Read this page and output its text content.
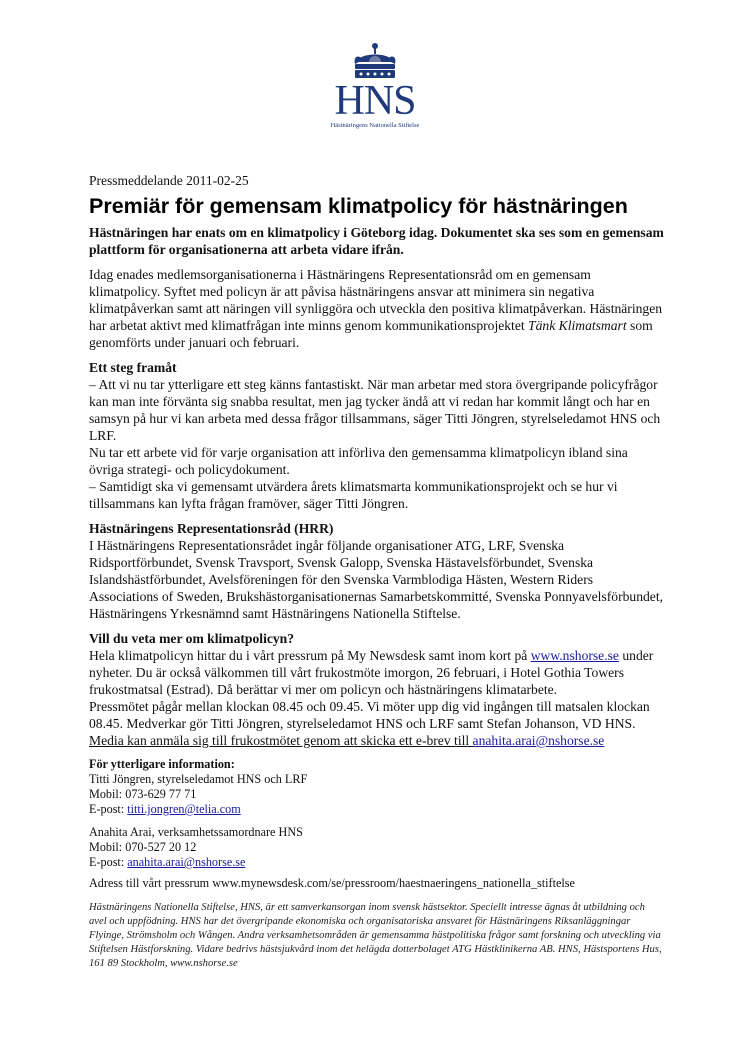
HNS
Hästnäringens Nationella Stiftelse

Pressmeddelande 2011-02-25

Premiär för gemensam klimatpolicy för hästnäringen

Hästnäringen har enats om en klimatpolicy i Göteborg idag. Dokumentet ska ses som en gemensam plattform för organisationerna att arbeta vidare ifrån.

Idag enades medlemsorganisationerna i Hästnäringens Representationsråd om en gemensam klimatpolicy. Syftet med policyn är att påvisa hästnäringens ansvar att minimera sin negativa klimatpåverkan samt att näringen vill synliggöra och utveckla den positiva klimatpåverkan. Hästnäringen har arbetat aktivt med klimatfrågan inte minns genom kommunikationsprojektet Tänk Klimatsmart som genomförts under januari och februari.

Ett steg framåt

– Att vi nu tar ytterligare ett steg känns fantastiskt. När man arbetar med stora övergripande policyfrågor kan man inte förvänta sig snabba resultat, men jag tycker ändå att vi redan har kommit långt och har en samsyn på hur vi kan arbeta med dessa frågor tillsammans, säger Titti Jöngren, styrelseledamot HNS och LRF.

Nu tar ett arbete vid för varje organisation att införliva den gemensamma klimatpolicyn ibland sina övriga strategi- och policydokument.

– Samtidigt ska vi gemensamt utvärdera årets klimatsmarta kommunikationsprojekt och se hur vi tillsammans kan lyfta frågan framöver, säger Titti Jöngren.

Hästnäringens Representationsråd (HRR)

I Hästnäringens Representationsrådet ingår följande organisationer ATG, LRF, Svenska Ridsportförbundet, Svensk Travsport, Svensk Galopp, Svenska Hästavelsförbundet, Svenska Islandshästförbundet, Avelsföreningen för den Svenska Varmblodiga Hästen, Western Riders Associations of Sweden, Brukshästorganisationernas Samarbetskommitté, Svenska Ponnyavelsförbundet, Hästnäringens Yrkesnämnd samt Hästnäringens Nationella Stiftelse.

Vill du veta mer om klimatpolicyn?

Hela klimatpolicyn hittar du i vårt pressrum på My Newsdesk samt inom kort på www.nshorse.se under nyheter. Du är också välkommen till vårt frukostmöte imorgon, 26 februari, i Hotel Gothia Towers frukostmatsal (Estrad). Då berättar vi mer om policyn och hästnäringens klimatarbete.

Pressmötet pågår mellan klockan 08.45 och 09.45. Vi möter upp dig vid ingången till matsalen klockan 08.45. Medverkar gör Titti Jöngren, styrelseledamot HNS och LRF samt Stefan Johanson, VD HNS.

Media kan anmäla sig till frukostmötet genom att skicka ett e-brev till anahita.arai@nshorse.se

För ytterligare information:

Titti Jöngren, styrelseledamot HNS och LRF

Mobil: 073-629 77 71

E-post: titti.jongren@telia.com

Anahita Arai, verksamhetssamordnare HNS

Mobil: 070-527 20 12

E-post: anahita.arai@nshorse.se

Adress till vårt pressrum www.mynewsdesk.com/se/pressroom/haestnaeringens_nationella_stiftelse

Hästnäringens Nationella Stiftelse, HNS, är ett samverkansorgan inom svensk hästsektor. Speciellt intresse ägnas åt utbildning och avel och uppfödning. HNS har det övergripande ekonomiska och organisatoriska ansvaret för Hästnäringens Riksanläggningar Flyinge, Strömsholm och Wången. Andra verksamhetsområden är gemensamma hästpolitiska frågor samt forskning och utveckling via Stiftelsen Hästforskning. Vidare bedrivs hästsjukvård inom det helägda dotterbolaget ATG Hästklinikerna AB. HNS, Hästsportens Hus, 161 89 Stockholm, www.nshorse.se
